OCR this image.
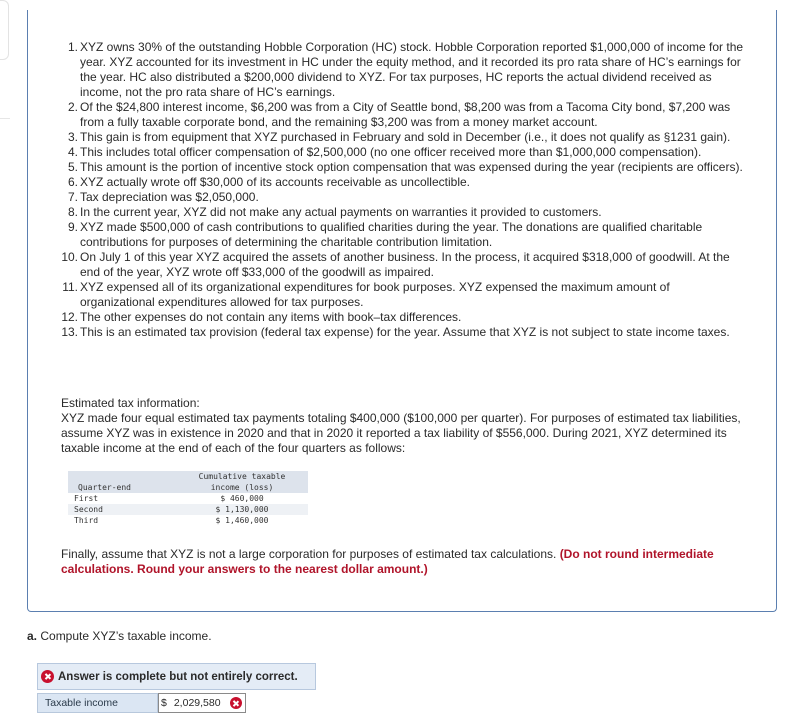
1. XYZ owns 30% of the outstanding Hobble Corporation (HC) stock. Hobble Corporation reported $1,000,000 of income for the year. XYZ accounted for its investment in HC under the equity method, and it recorded its pro rata share of HC’s earnings for the year. HC also distributed a $200,000 dividend to XYZ. For tax purposes, HC reports the actual dividend received as income, not the pro rata share of HC’s earnings.
2. Of the $24,800 interest income, $6,200 was from a City of Seattle bond, $8,200 was from a Tacoma City bond, $7,200 was from a fully taxable corporate bond, and the remaining $3,200 was from a money market account.
3. This gain is from equipment that XYZ purchased in February and sold in December (i.e., it does not qualify as §1231 gain).
4. This includes total officer compensation of $2,500,000 (no one officer received more than $1,000,000 compensation).
5. This amount is the portion of incentive stock option compensation that was expensed during the year (recipients are officers).
6. XYZ actually wrote off $30,000 of its accounts receivable as uncollectible.
7. Tax depreciation was $2,050,000.
8. In the current year, XYZ did not make any actual payments on warranties it provided to customers.
9. XYZ made $500,000 of cash contributions to qualified charities during the year. The donations are qualified charitable contributions for purposes of determining the charitable contribution limitation.
10. On July 1 of this year XYZ acquired the assets of another business. In the process, it acquired $318,000 of goodwill. At the end of the year, XYZ wrote off $33,000 of the goodwill as impaired.
11. XYZ expensed all of its organizational expenditures for book purposes. XYZ expensed the maximum amount of organizational expenditures allowed for tax purposes.
12. The other expenses do not contain any items with book–tax differences.
13. This is an estimated tax provision (federal tax expense) for the year. Assume that XYZ is not subject to state income taxes.
Estimated tax information:
XYZ made four equal estimated tax payments totaling $400,000 ($100,000 per quarter). For purposes of estimated tax liabilities, assume XYZ was in existence in 2020 and that in 2020 it reported a tax liability of $556,000. During 2021, XYZ determined its taxable income at the end of each of the four quarters as follows:
	Cumulative taxable
Quarter-end	income (loss)
First	$ 460,000
Second	$ 1,130,000
Third	$ 1,460,000
Finally, assume that XYZ is not a large corporation for purposes of estimated tax calculations. (Do not round intermediate calculations. Round your answers to the nearest dollar amount.)
a. Compute XYZ’s taxable income.
Answer is complete but not entirely correct.
Taxable income	$ 2,029,580
